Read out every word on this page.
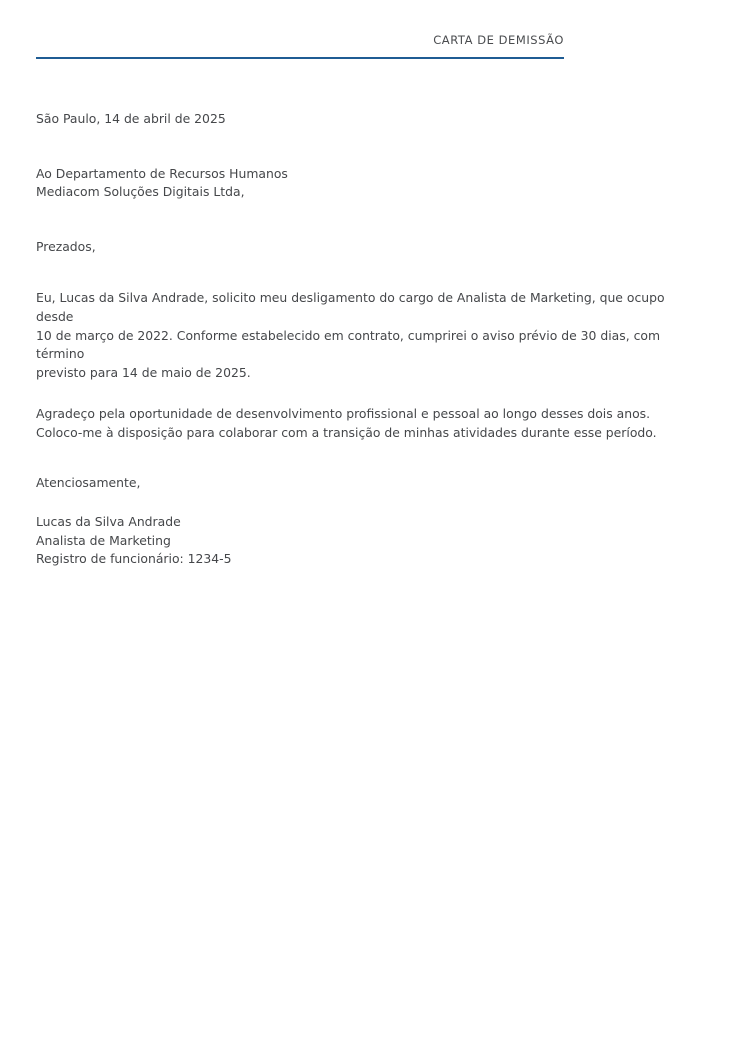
CARTA DE DEMISSÃO

São Paulo, 14 de abril de 2025

Ao Departamento de Recursos Humanos
Mediacom Soluções Digitais Ltda,

Prezados,

Eu, Lucas da Silva Andrade, solicito meu desligamento do cargo de Analista de Marketing, que ocupo desde
10 de março de 2022. Conforme estabelecido em contrato, cumprirei o aviso prévio de 30 dias, com término
previsto para 14 de maio de 2025.
Agradeço pela oportunidade de desenvolvimento profissional e pessoal ao longo desses dois anos.
Coloco-me à disposição para colaborar com a transição de minhas atividades durante esse período.

Atenciosamente,

Lucas da Silva Andrade
Analista de Marketing
Registro de funcionário: 1234-5
